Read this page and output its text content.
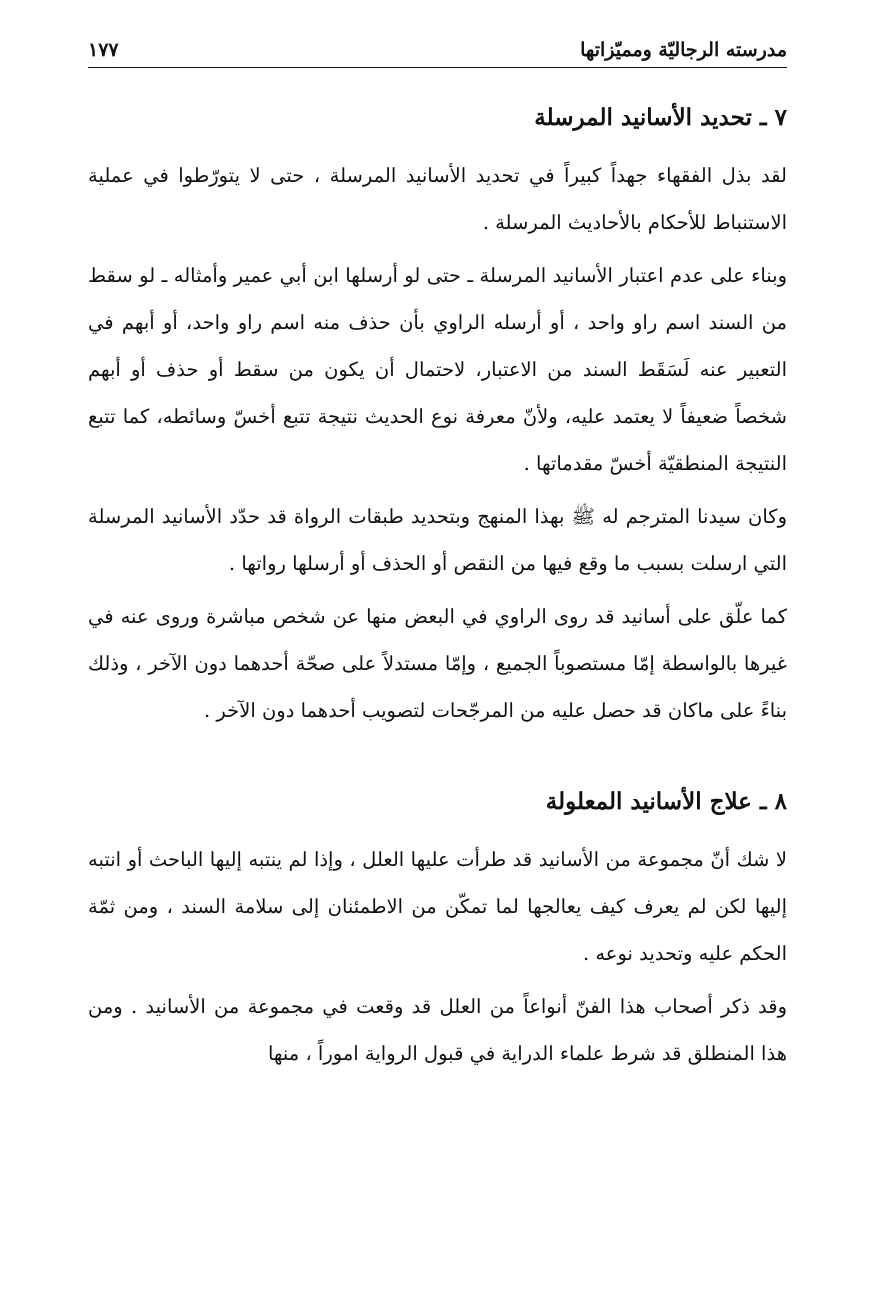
مدرسته الرجاليّة ومميّزاتها
١٧٧
٧ ـ تحديد الأسانيد المرسلة

لقد بذل الفقهاء جهداً كبيراً في تحديد الأسانيد المرسلة ، حتى لا يتورّطوا في عملية الاستنباط للأحكام بالأحاديث المرسلة .

وبناء على عدم اعتبار الأسانيد المرسلة ـ حتى لو أرسلها ابن أبي عمير وأمثاله ـ لو سقط من السند اسم راو واحد ، أو أرسله الراوي بأن حذف منه اسم راو واحد، أو أبهم في التعبير عنه لَسَقَط السند من الاعتبار، لاحتمال أن يكون من سقط أو حذف أو أبهم شخصاً ضعيفاً لا يعتمد عليه، ولأنّ معرفة نوع الحديث نتيجة تتبع أخسّ وسائطه، كما تتبع النتيجة المنطقيّة أخسّ مقدماتها .

وكان سيدنا المترجم له ﷺ بهذا المنهج وبتحديد طبقات الرواة قد حدّد الأسانيد المرسلة التي ارسلت بسبب ما وقع فيها من النقص أو الحذف أو أرسلها رواتها .

كما علّق على أسانيد قد روى الراوي في البعض منها عن شخص مباشرة وروى عنه في غيرها بالواسطة إمّا مستصوباً الجميع ، وإمّا مستدلاً على صحّة أحدهما دون الآخر ، وذلك بناءً على ماكان قد حصل عليه من المرجّحات لتصويب أحدهما دون الآخر .

٨ ـ علاج الأسانيد المعلولة

لا شك أنّ مجموعة من الأسانيد قد طرأت عليها العلل ، وإذا لم ينتبه إليها الباحث أو انتبه إليها لكن لم يعرف كيف يعالجها لما تمكّن من الاطمئنان إلى سلامة السند ، ومن ثمّة الحكم عليه وتحديد نوعه .

وقد ذكر أصحاب هذا الفنّ أنواعاً من العلل قد وقعت في مجموعة من الأسانيد . ومن هذا المنطلق قد شرط علماء الدراية في قبول الرواية اموراً ، منها
